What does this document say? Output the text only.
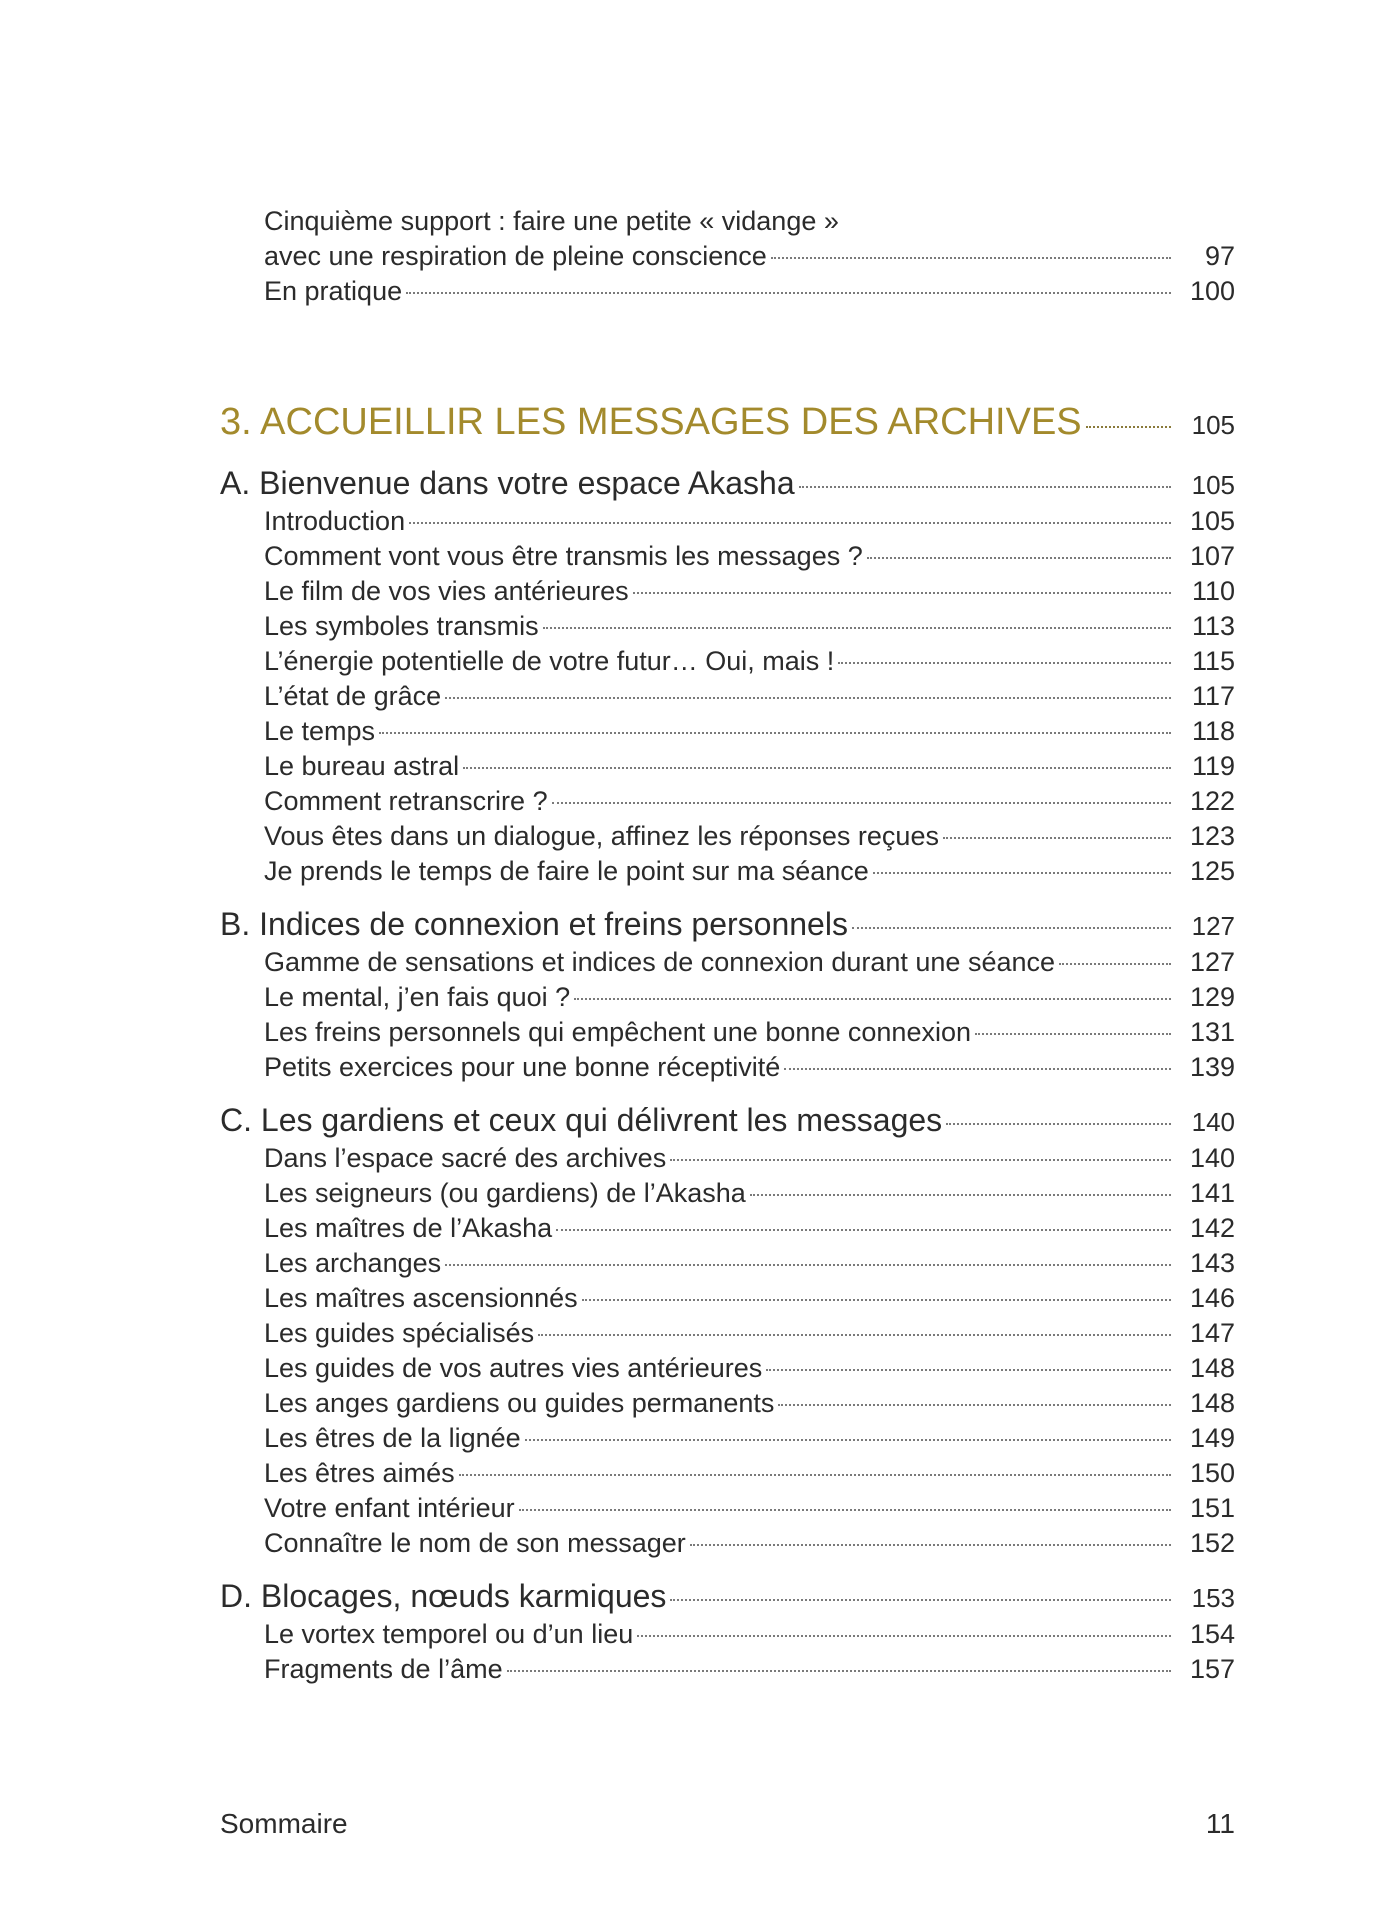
Cinquième support : faire une petite « vidange »
avec une respiration de pleine conscience	97
En pratique	100
3. ACCUEILLIR LES MESSAGES DES ARCHIVES	105
A. Bienvenue dans votre espace Akasha	105
Introduction	105
Comment vont vous être transmis les messages ?	107
Le film de vos vies antérieures	110
Les symboles transmis	113
L’énergie potentielle de votre futur… Oui, mais !	115
L’état de grâce	117
Le temps	118
Le bureau astral	119
Comment retranscrire ?	122
Vous êtes dans un dialogue, affinez les réponses reçues	123
Je prends le temps de faire le point sur ma séance	125
B. Indices de connexion et freins personnels	127
Gamme de sensations et indices de connexion durant une séance	127
Le mental, j’en fais quoi ?	129
Les freins personnels qui empêchent une bonne connexion	131
Petits exercices pour une bonne réceptivité	139
C. Les gardiens et ceux qui délivrent les messages	140
Dans l’espace sacré des archives	140
Les seigneurs (ou gardiens) de l’Akasha	141
Les maîtres de l’Akasha	142
Les archanges	143
Les maîtres ascensionnés	146
Les guides spécialisés	147
Les guides de vos autres vies antérieures	148
Les anges gardiens ou guides permanents	148
Les êtres de la lignée	149
Les êtres aimés	150
Votre enfant intérieur	151
Connaître le nom de son messager	152
D. Blocages, nœuds karmiques	153
Le vortex temporel ou d’un lieu	154
Fragments de l’âme	157
Sommaire	11
